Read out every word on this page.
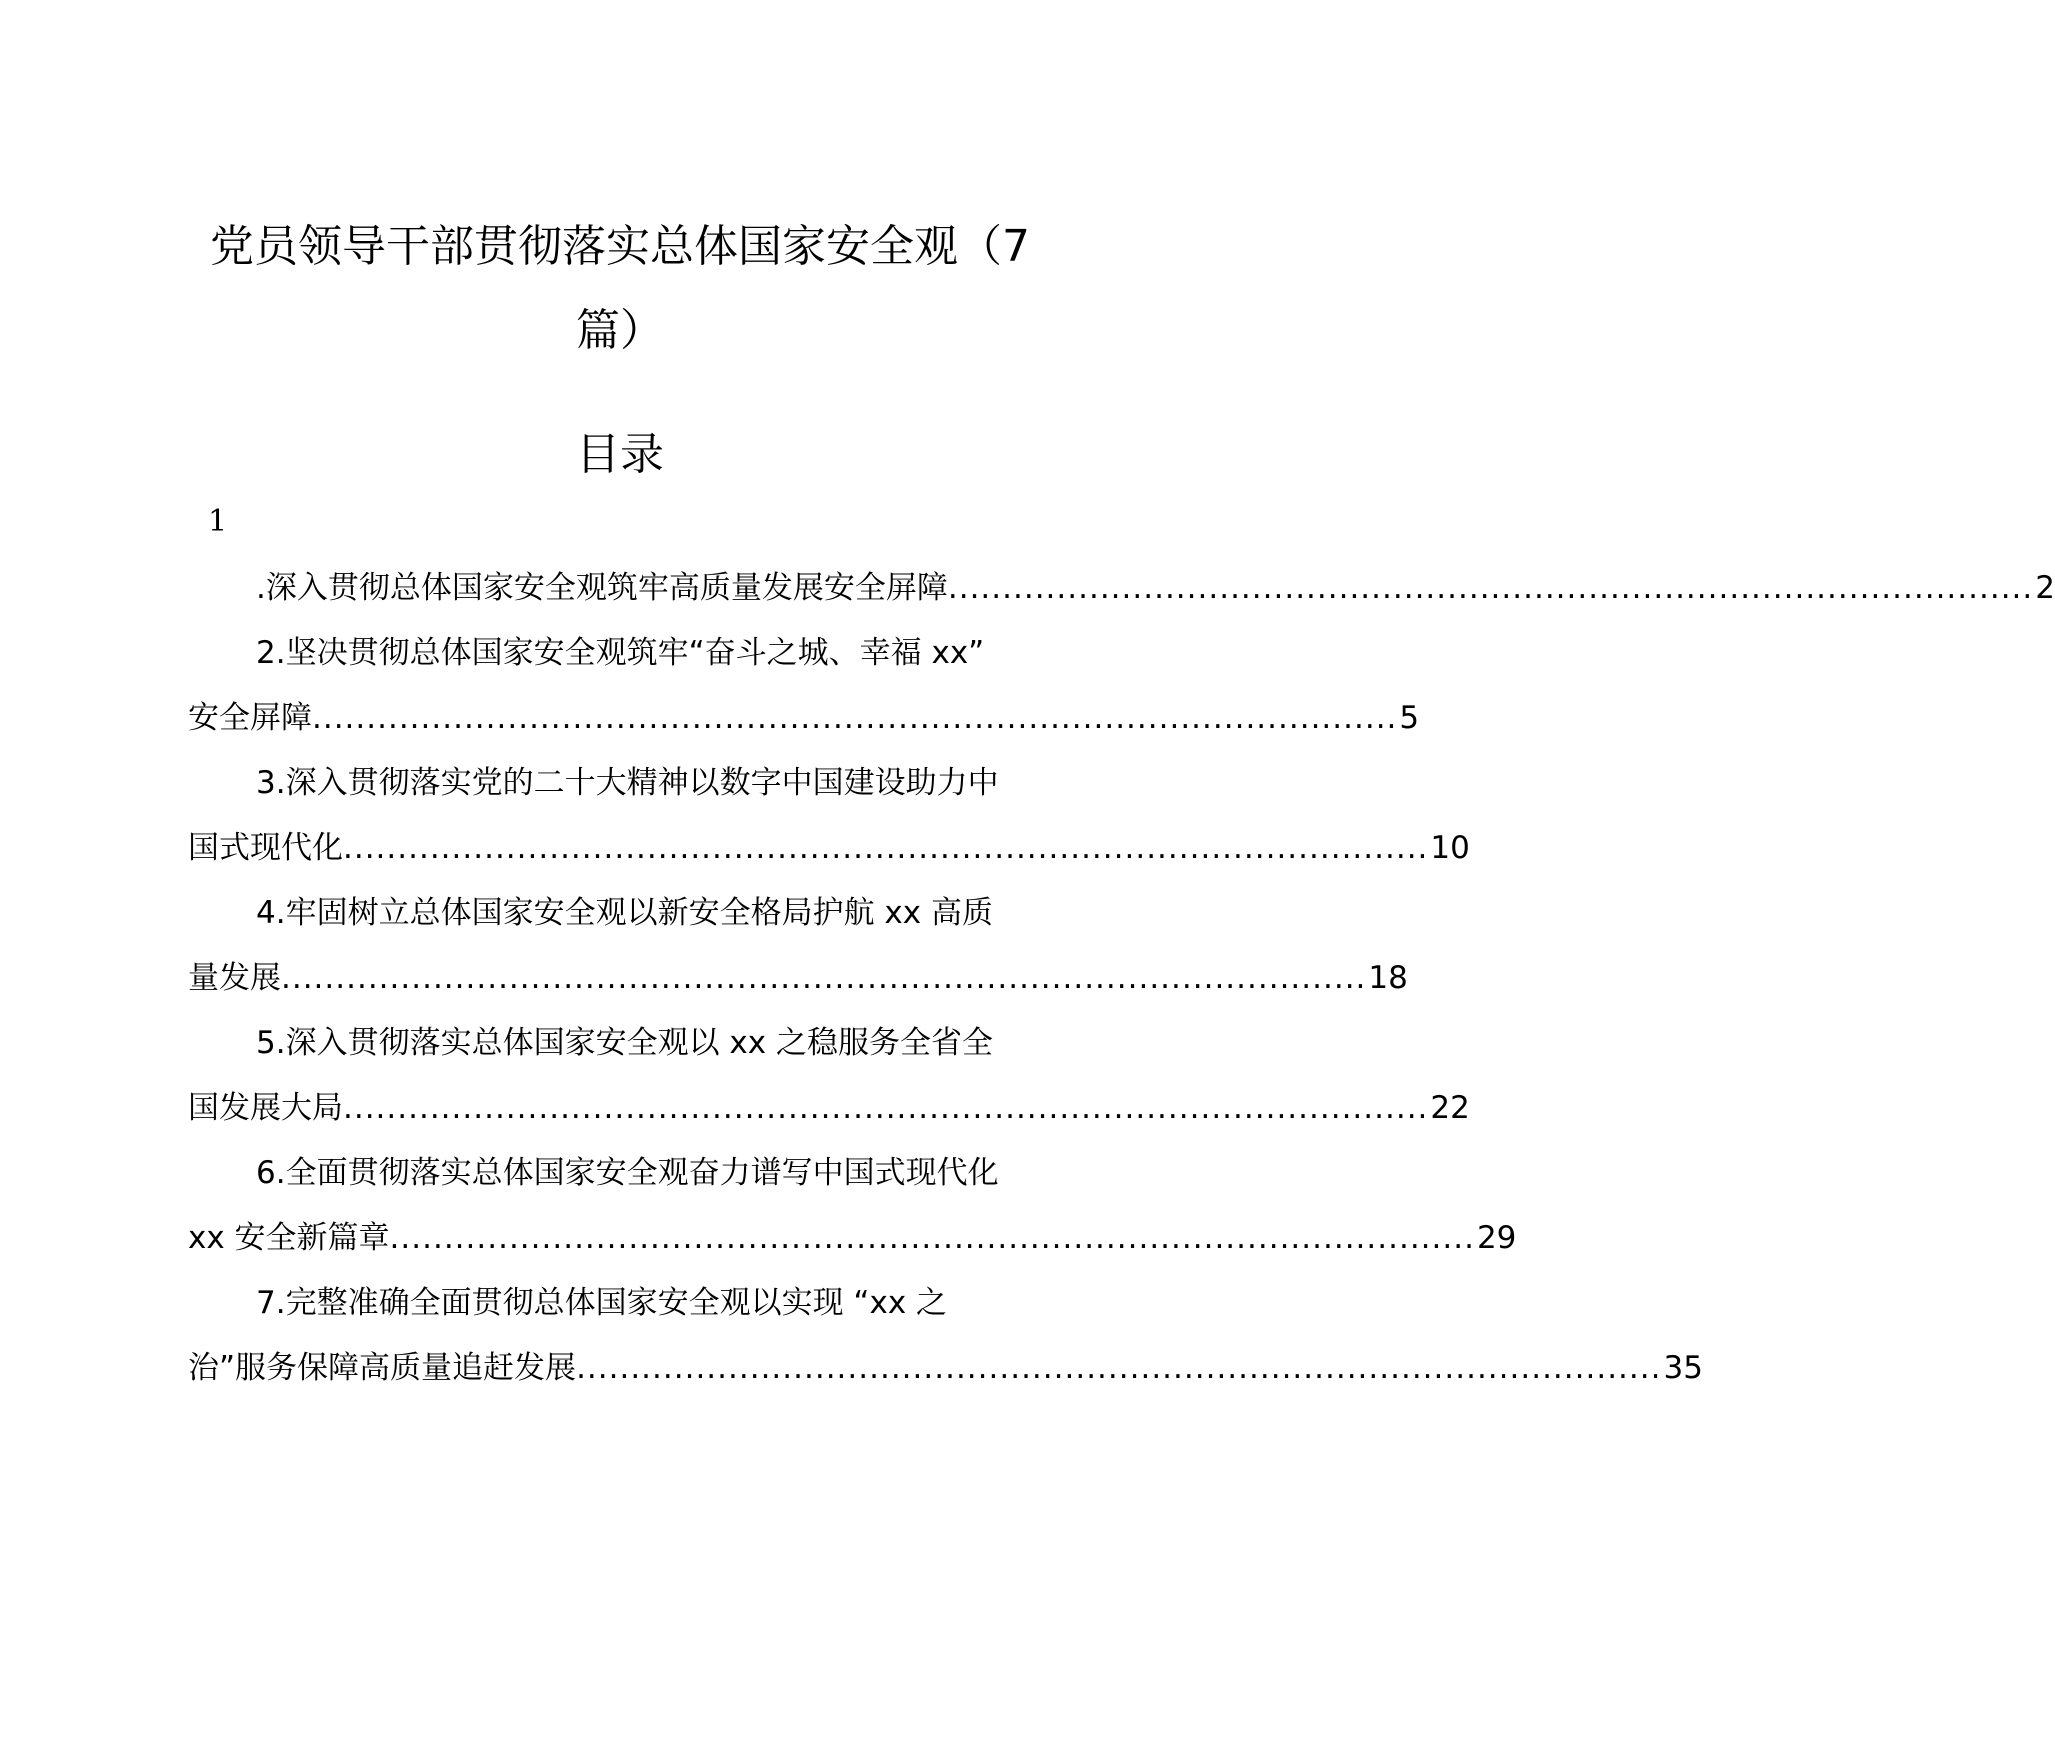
党员领导干部贯彻落实总体国家安全观（7
篇）
目录
1
.深入贯彻总体国家安全观筑牢高质量发展安全屏障 .................................................................................................... 2
2.坚决贯彻总体国家安全观筑牢“奋斗之城、幸福 xx”
安全屏障 .................................................................................................... 5
3.深入贯彻落实党的二十大精神以数字中国建设助力中
国式现代化 .................................................................................................... 10
4.牢固树立总体国家安全观以新安全格局护航 xx 高质
量发展 .................................................................................................... 18
5.深入贯彻落实总体国家安全观以 xx 之稳服务全省全
国发展大局 .................................................................................................... 22
6.全面贯彻落实总体国家安全观奋力谱写中国式现代化
xx 安全新篇章 .................................................................................................... 29
7.完整准确全面贯彻总体国家安全观以实现 “xx 之
治”服务保障高质量追赶发展 .................................................................................................... 35
